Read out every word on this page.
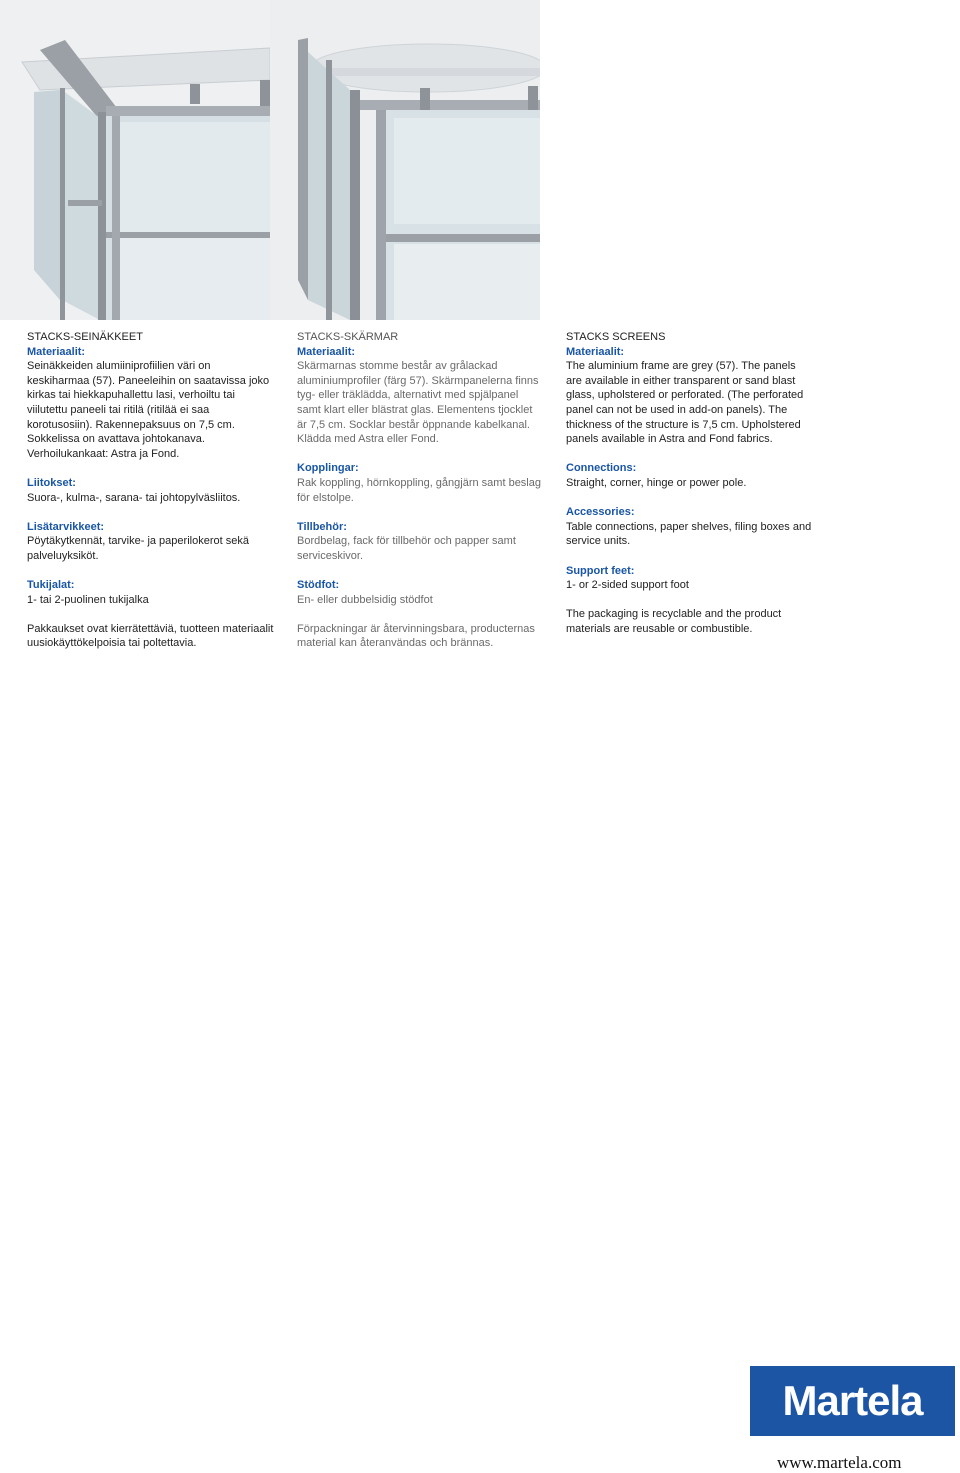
STACKS-SEINÄKKEET
Materiaalit:
Seinäkkeiden alumiiniprofiilien väri on keskiharmaa (57). Paneeleihin on saatavissa joko kirkas tai hiekkapuhallettu lasi, verhoiltu tai viilutettu paneeli tai ritilä (ritilää ei saa korotusosiin). Rakennepaksuus on 7,5 cm. Sokkelissa on avattava johtokanava. Verhoilukankaat: Astra ja Fond.
Liitokset:
Suora-, kulma-, sarana- tai johtopylväsliitos.
Lisätarvikkeet:
Pöytäkytkennät, tarvike- ja paperilokerot sekä palveluyksiköt.
Tukijalat:
1- tai 2-puolinen tukijalka
Pakkaukset ovat kierrätettäviä, tuotteen materiaalit uusiokäyttökelpoisia tai poltettavia.
STACKS-SKÄRMAR
Materiaalit:
Skärmarnas stomme består av grålackad aluminiumprofiler (färg 57). Skärmpanelerna finns tyg- eller träklädda, alternativt med spjälpanel samt klart eller blästrat glas. Elementens tjocklet är 7,5 cm. Socklar består öppnande kabelkanal. Klädda med Astra eller Fond.
Kopplingar:
Rak koppling, hörnkoppling, gångjärn samt beslag för elstolpe.
Tillbehör:
Bordbelag, fack för tillbehör och papper samt serviceskivor.
Stödfot:
En- eller dubbelsidig stödfot
Förpackningar är återvinningsbara, producternas material kan återanvändas och brännas.
STACKS SCREENS
Materiaalit:
The aluminium frame are grey (57). The panels are available in either transparent or sand blast glass, upholstered or perforated. (The perforated panel can not be used in add-on panels). The thickness of the structure is 7,5 cm. Upholstered panels available in Astra and Fond fabrics.
Connections:
Straight, corner, hinge or power pole.
Accessories:
Table connections, paper shelves, filing boxes and service units.
Support feet:
1- or 2-sided support foot
The packaging is recyclable and the product materials are reusable or combustible.
Martela
www.martela.com
